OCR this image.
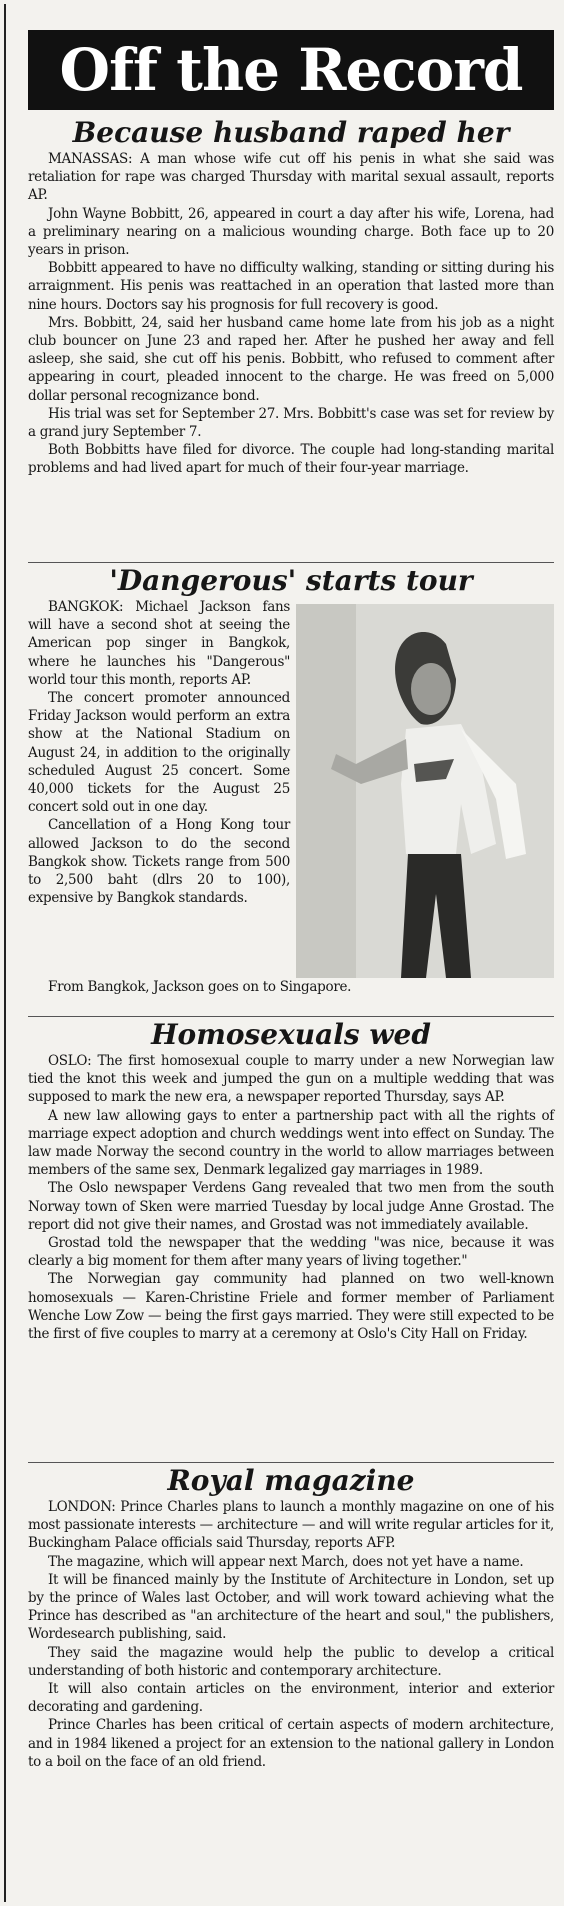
Off the Record
Because husband raped her

MANASSAS: A man whose wife cut off his penis in what she said was retaliation for rape was charged Thursday with marital sexual assault, reports AP.

John Wayne Bobbitt, 26, appeared in court a day after his wife, Lorena, had a preliminary nearing on a malicious wounding charge. Both face up to 20 years in prison.

Bobbitt appeared to have no difficulty walking, standing or sitting during his arraignment. His penis was reattached in an operation that lasted more than nine hours. Doctors say his prognosis for full recovery is good.

Mrs. Bobbitt, 24, said her husband came home late from his job as a night club bouncer on June 23 and raped her. After he pushed her away and fell asleep, she said, she cut off his penis. Bobbitt, who refused to comment after appearing in court, pleaded innocent to the charge. He was freed on 5,000 dollar personal recognizance bond.

His trial was set for September 27. Mrs. Bobbitt's case was set for review by a grand jury September 7.

Both Bobbitts have filed for divorce. The couple had long-standing marital problems and had lived apart for much of their four-year marriage.

'Dangerous' starts tour

BANGKOK: Michael Jackson fans will have a second shot at seeing the American pop singer in Bangkok, where he launches his "Dangerous" world tour this month, reports AP.

The concert promoter announced Friday Jackson would perform an extra show at the National Stadium on August 24, in addition to the originally scheduled August 25 concert. Some 40,000 tickets for the August 25 concert sold out in one day.

Cancellation of a Hong Kong tour allowed Jackson to do the second Bangkok show. Tickets range from 500 to 2,500 baht (dlrs 20 to 100), expensive by Bangkok standards.

From Bangkok, Jackson goes on to Singapore.

Homosexuals wed

OSLO: The first homosexual couple to marry under a new Norwegian law tied the knot this week and jumped the gun on a multiple wedding that was supposed to mark the new era, a newspaper reported Thursday, says AP.

A new law allowing gays to enter a partnership pact with all the rights of marriage expect adoption and church weddings went into effect on Sunday. The law made Norway the second country in the world to allow marriages between members of the same sex, Denmark legalized gay marriages in 1989.

The Oslo newspaper Verdens Gang revealed that two men from the south Norway town of Sken were married Tuesday by local judge Anne Grostad. The report did not give their names, and Grostad was not immediately available.

Grostad told the newspaper that the wedding "was nice, because it was clearly a big moment for them after many years of living together."

The Norwegian gay community had planned on two well-known homosexuals — Karen-Christine Friele and former member of Parliament Wenche Low Zow — being the first gays married. They were still expected to be the first of five couples to marry at a ceremony at Oslo's City Hall on Friday.

Royal magazine

LONDON: Prince Charles plans to launch a monthly magazine on one of his most passionate interests — architecture — and will write regular articles for it, Buckingham Palace officials said Thursday, reports AFP.

The magazine, which will appear next March, does not yet have a name.

It will be financed mainly by the Institute of Architecture in London, set up by the prince of Wales last October, and will work toward achieving what the Prince has described as "an architecture of the heart and soul," the publishers, Wordesearch publishing, said.

They said the magazine would help the public to develop a critical understanding of both historic and contemporary architecture.

It will also contain articles on the environment, interior and exterior decorating and gardening.

Prince Charles has been critical of certain aspects of modern architecture, and in 1984 likened a project for an extension to the national gallery in London to a boil on the face of an old friend.
